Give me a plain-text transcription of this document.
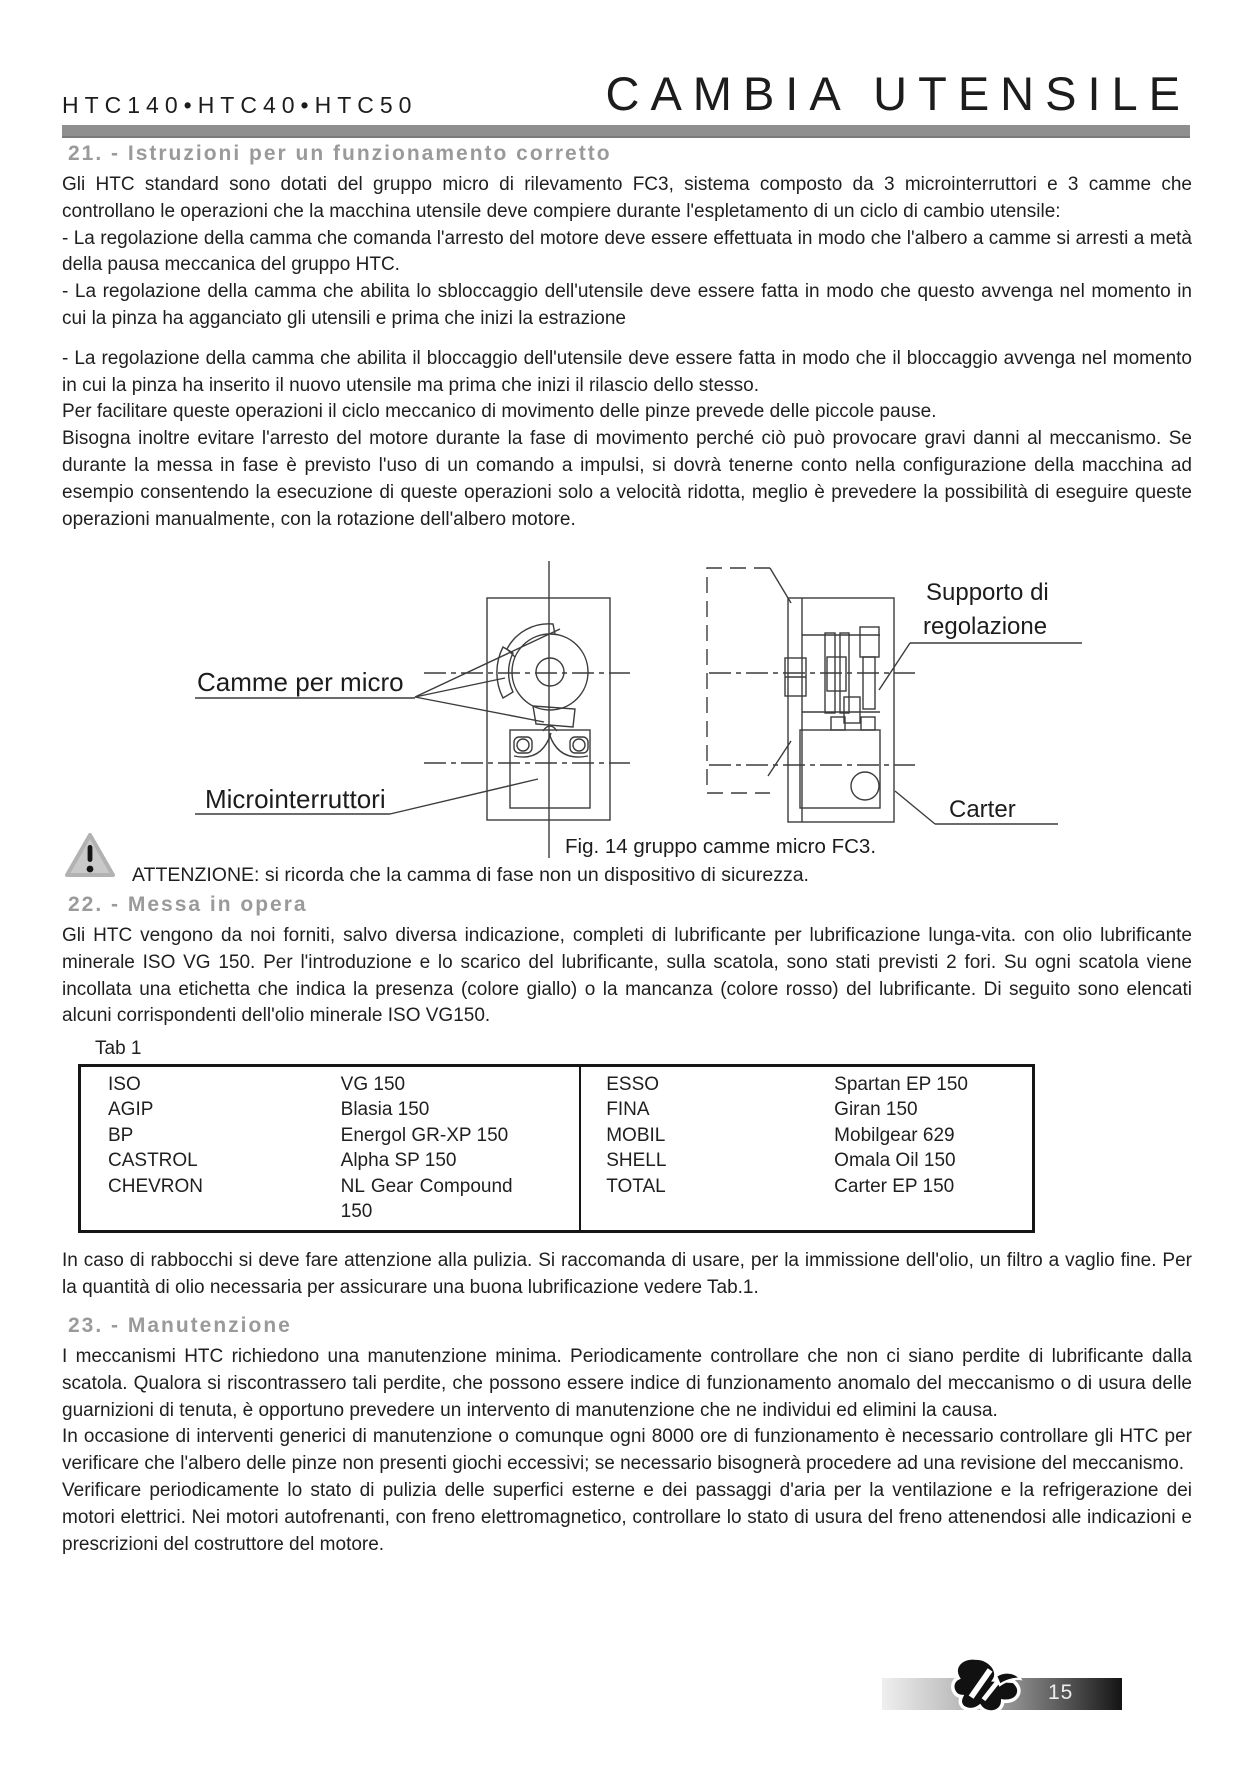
HTC140•HTC40•HTC50	CAMBIA UTENSILE
21. - Istruzioni per un funzionamento corretto

Gli HTC standard sono dotati del gruppo micro di rilevamento FC3, sistema composto da 3 microinterruttori e 3 camme che controllano le operazioni che la macchina utensile deve compiere durante l'espletamento di un ciclo di cambio utensile:

- La regolazione della camma che comanda l'arresto del motore deve essere effettuata in modo che l'albero a camme si arresti a metà della pausa meccanica del gruppo HTC.

- La regolazione della camma che abilita lo sbloccaggio dell'utensile deve essere fatta in modo che questo avvenga nel momento in cui la pinza ha agganciato gli utensili e prima che inizi la estrazione

- La regolazione della camma che abilita il bloccaggio dell'utensile deve essere fatta in modo che il bloccaggio avvenga nel momento in cui la pinza ha inserito il nuovo utensile ma prima che inizi il rilascio dello stesso.

Per facilitare queste operazioni il ciclo meccanico di movimento delle pinze prevede delle piccole pause.

Bisogna inoltre evitare l'arresto del motore durante la fase di movimento perché ciò può provocare gravi danni al meccanismo. Se durante la messa in fase è previsto l'uso di un comando a impulsi, si dovrà tenerne conto nella configurazione della macchina ad esempio consentendo la esecuzione di queste operazioni solo a velocità ridotta, meglio è prevedere la possibilità di eseguire queste operazioni manualmente, con la rotazione dell'albero motore.

Camme per micro
Microinterruttori
Supporto di
regolazione
Carter
Fig. 14 gruppo camme micro FC3.
ATTENZIONE: si ricorda che la camma di fase non un dispositivo di sicurezza.
22. - Messa in opera

Gli HTC vengono da noi forniti, salvo diversa indicazione, completi di lubrificante per lubrificazione lunga-vita. con olio lubrificante minerale ISO VG 150. Per l'introduzione e lo scarico del lubrificante, sulla scatola, sono stati previsti 2 fori. Su ogni scatola viene incollata una etichetta che indica la presenza (colore giallo) o la mancanza (colore rosso) del lubrificante. Di seguito sono elencati alcuni corrispondenti dell'olio minerale ISO VG150.

Tab 1
ISO	VG 150	ESSO	Spartan EP 150
AGIP	Blasia 150	FINA	Giran 150
BP	Energol GR-XP 150	MOBIL	Mobilgear 629
CASTROL	Alpha SP 150	SHELL	Omala Oil 150
CHEVRON	NL Gear Compound 150	TOTAL	Carter EP 150

In caso di rabbocchi si deve fare attenzione alla pulizia. Si raccomanda di usare, per la immissione dell'olio, un filtro a vaglio fine. Per la quantità di olio necessaria per assicurare una buona lubrificazione vedere Tab.1.

23. - Manutenzione

I meccanismi HTC richiedono una manutenzione minima. Periodicamente controllare che non ci siano perdite di lubrificante dalla scatola. Qualora si riscontrassero tali perdite, che possono essere indice di funzionamento anomalo del meccanismo o di usura delle guarnizioni di tenuta, è opportuno prevedere un intervento di manutenzione che ne individui ed elimini la causa.

In occasione di interventi generici di manutenzione o comunque ogni 8000 ore di funzionamento è necessario controllare gli HTC per verificare che l'albero delle pinze non presenti giochi eccessivi; se necessario bisognerà procedere ad una revisione del meccanismo.

Verificare periodicamente lo stato di pulizia delle superfici esterne e dei passaggi d'aria per la ventilazione e la refrigerazione dei motori elettrici. Nei motori autofrenanti, con freno elettromagnetico, controllare lo stato di usura del freno attenendosi alle indicazioni e prescrizioni del costruttore del motore.

15
